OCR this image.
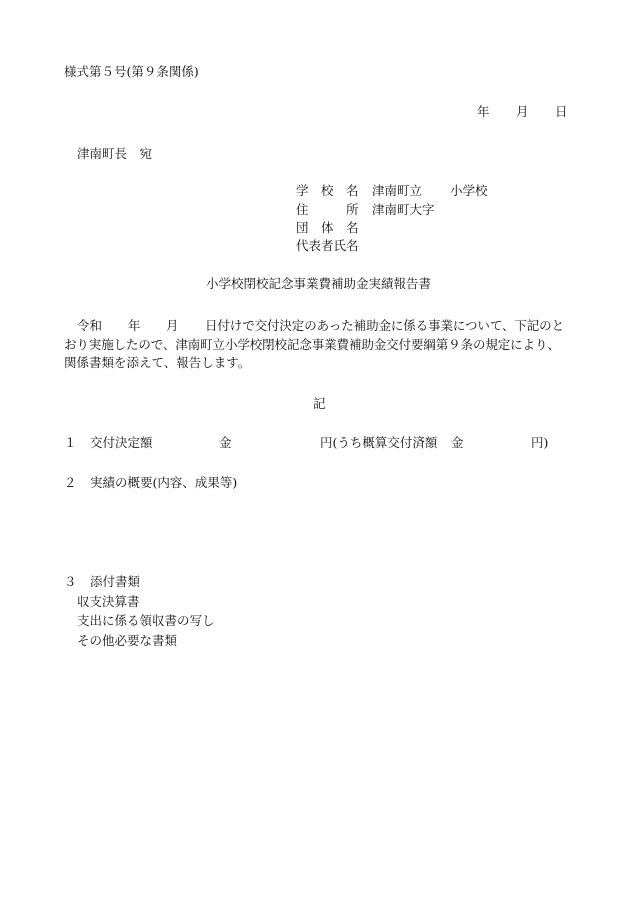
様式第５号(第９条関係)
年 月 日
津南町長　宛
学　校　名 津南町立 小学校
住　　　所 津南町大字
団　体　名
代表者氏名
小学校閉校記念事業費補助金実績報告書
令和 年 月 日付けで交付決定のあった補助金に係る事業について、下記のと
おり実施したので、津南町立小学校閉校記念事業費補助金交付要綱第９条の規定により、
関係書類を添えて、報告します。
記
１ 交付決定額	金	円(うち概算交付済額 金	円)
２ 実績の概要(内容、成果等)
３ 添付書類
収支決算書
支出に係る領収書の写し
その他必要な書類
